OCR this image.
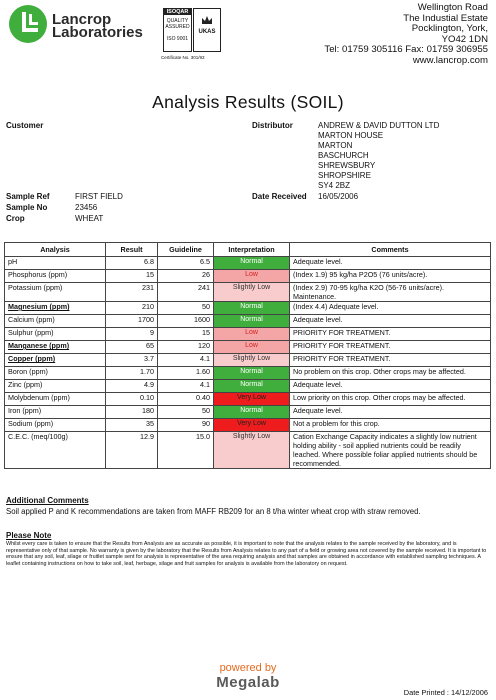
Lancrop
Laboratories
ISOQAR
QUALITY ASSURED
ISO 9001
UKAS
Certificate No. 301/93
Wellington Road
The Industial Estate
Pocklington, York,
YO42 1DN
Tel: 01759 305116 Fax: 01759 306955
www.lancrop.com
Analysis Results (SOIL)
Customer	Distributor	ANDREW & DAVID DUTTON LTD
MARTON HOUSE
MARTON
BASCHURCH
SHREWSBURY
SHROPSHIRE
SY4 2BZ
Sample Ref	FIRST FIELD	Date Received 16/05/2006
Sample No	23456
Crop	WHEAT
Analysis	Result	Guideline	Interpretation	Comments
pH	6.8	6.5	Normal	Adequate level.
Phosphorus (ppm)	15	26	Low	(Index 1.9) 95 kg/ha P2O5 (76 units/acre).
Potassium (ppm)	231	241	Slightly Low	(Index 2.9) 70-95 kg/ha K2O (56-76 units/acre). Maintenance.
Magnesium (ppm)	210	50	Normal	(Index 4.4) Adequate level.
Calcium (ppm)	1700	1600	Normal	Adequate level.
Sulphur (ppm)	9	15	Low	PRIORITY FOR TREATMENT.
Manganese (ppm)	65	120	Low	PRIORITY FOR TREATMENT.
Copper (ppm)	3.7	4.1	Slightly Low	PRIORITY FOR TREATMENT.
Boron (ppm)	1.70	1.60	Normal	No problem on this crop. Other crops may be affected.
Zinc (ppm)	4.9	4.1	Normal	Adequate level.
Molybdenum (ppm)	0.10	0.40	Very Low	Low priority on this crop. Other crops may be affected.
Iron (ppm)	180	50	Normal	Adequate level.
Sodium (ppm)	35	90	Very Low	Not a problem for this crop.
C.E.C. (meq/100g)	12.9	15.0	Slightly Low	Cation Exchange Capacity indicates a slightly low nutrient holding ability - soil applied nutrients could be readily leached. Where possible foliar applied nutrients should be recommended.
Additional Comments
Soil applied P and K recommendations are taken from MAFF RB209 for an 8 t/ha winter wheat crop with straw removed.
Please Note
Whilst every care is taken to ensure that the Results from Analysis are as accurate as possible, it is important to note that the analysis relates to the sample received by the laboratory, and is representative only of that sample. No warranty is given by the laboratory that the Results from Analysis relates to any part of a field or growing area not covered by the sample received. It is important to ensure that any soil, leaf, silage or fruitlet sample sent for analysis is representative of the area requiring analysis and that samples are obtained in accordance with established sampling techniques. A leaflet containing instructions on how to take soil, leaf, herbage, silage and fruit samples for analysis is available from the laboratory on request.
powered by
Megalab
Date Printed : 14/12/2006
